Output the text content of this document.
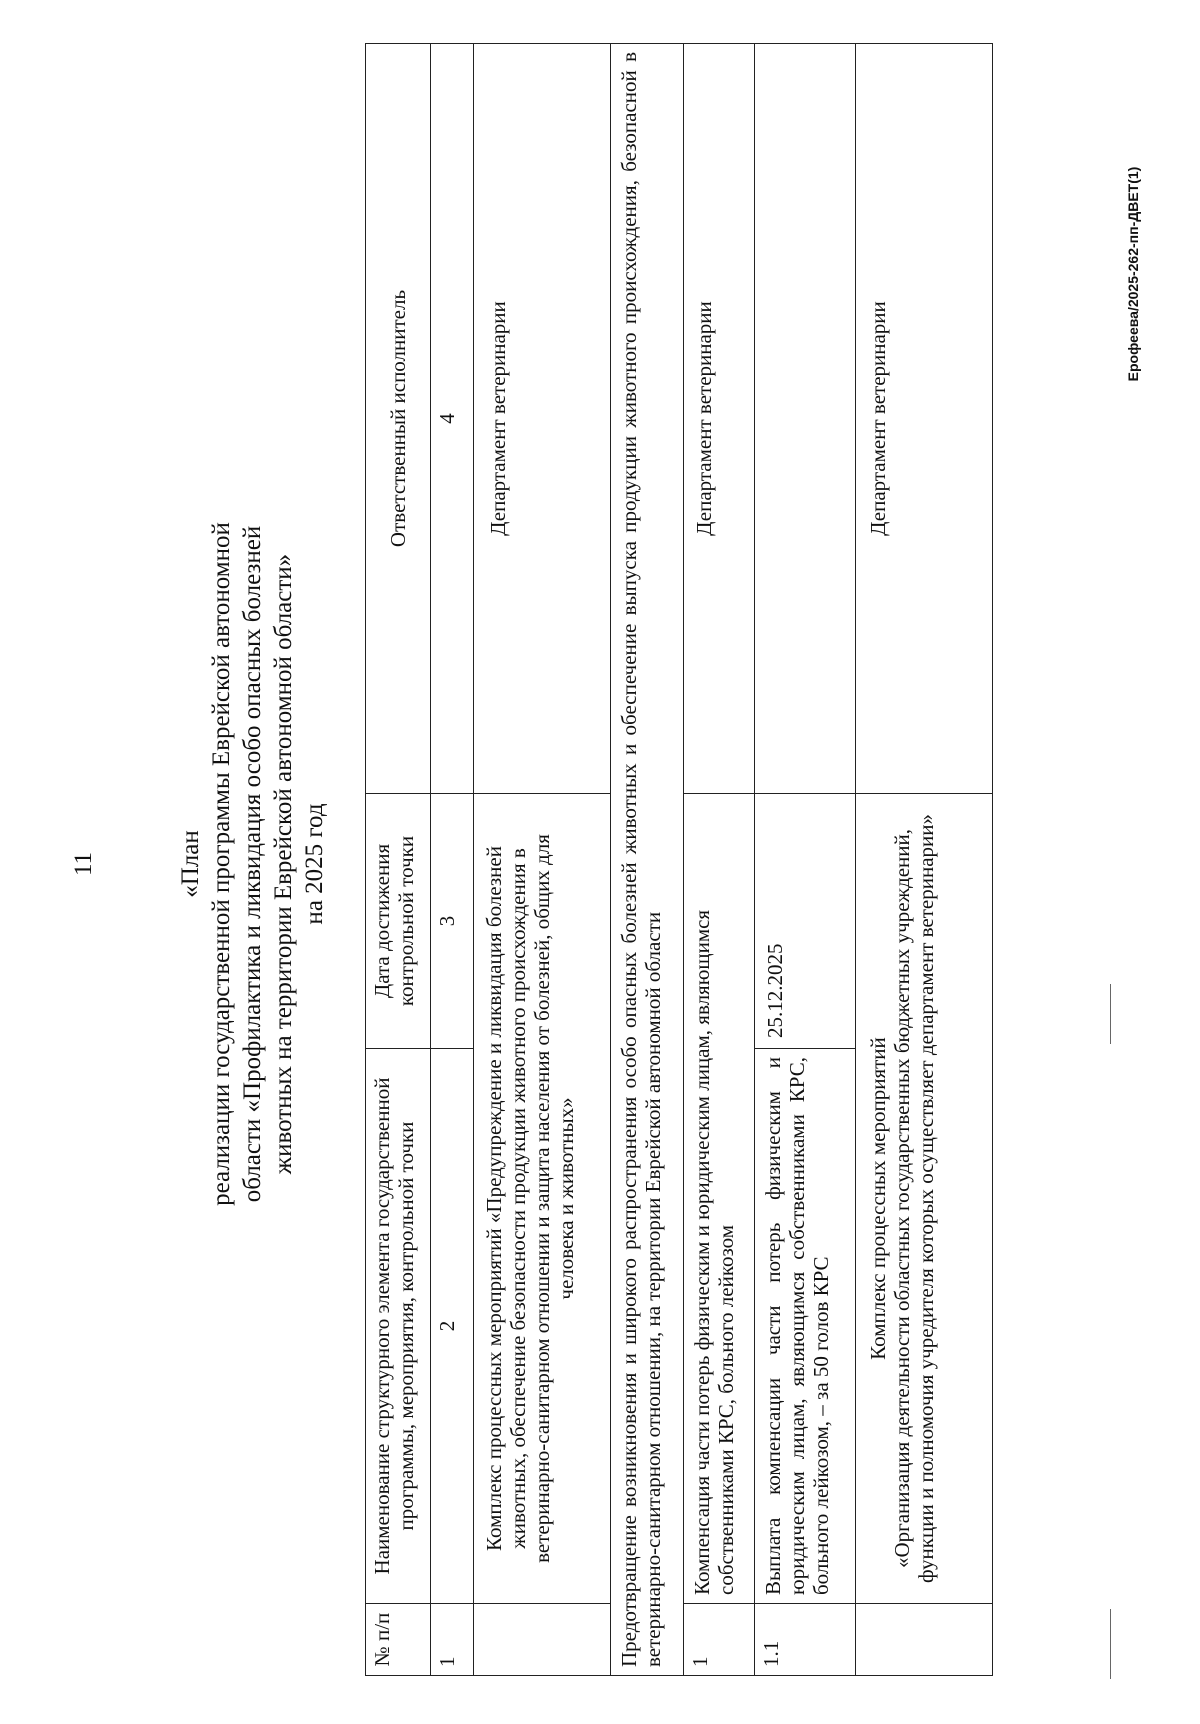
11	«План реализации государственной программы Еврейской автономной области «Профилактика и ликвидация особо опасных болезней животных на территории Еврейской автономной области» на 2025 год
№ п/п	Наименование структурного элемента государственной программы, мероприятия, контрольной точки	Дата достижения контрольной точки	Ответственный исполнитель
1	2	3	4
	Комплекс процессных мероприятий «Предупреждение и ликвидация болезней животных, обеспечение безопасности продукции животного происхождения в ветеринарно-санитарном отношении и защита населения от болезней, общих для человека и животных»		Департамент ветеринарии
Предотвращение возникновения и широкого распространения особо опасных болезней животных и обеспечение выпуска продукции животного происхождения, безопасной в ветеринарно-санитарном отношении, на территории Еврейской автономной области			
1	Компенсация части потерь физическим и юридическим лицам, являющимся собственниками КРС, больного лейкозом		Департамент ветеринарии
1.1	Выплата компенсации части потерь физическим и юридическим лицам, являющимся собственниками КРС, больного лейкозом, – за 50 голов КРС	25.12.2025	

	Комплекс процессных мероприятий «Организация деятельности областных государственных бюджетных учреждений, функции и полномочия учредителя которых осуществляет департамент ветеринарии»		Департамент ветеринарии
Ерофеева/2025-262-пп-ДВЕТ(1)
